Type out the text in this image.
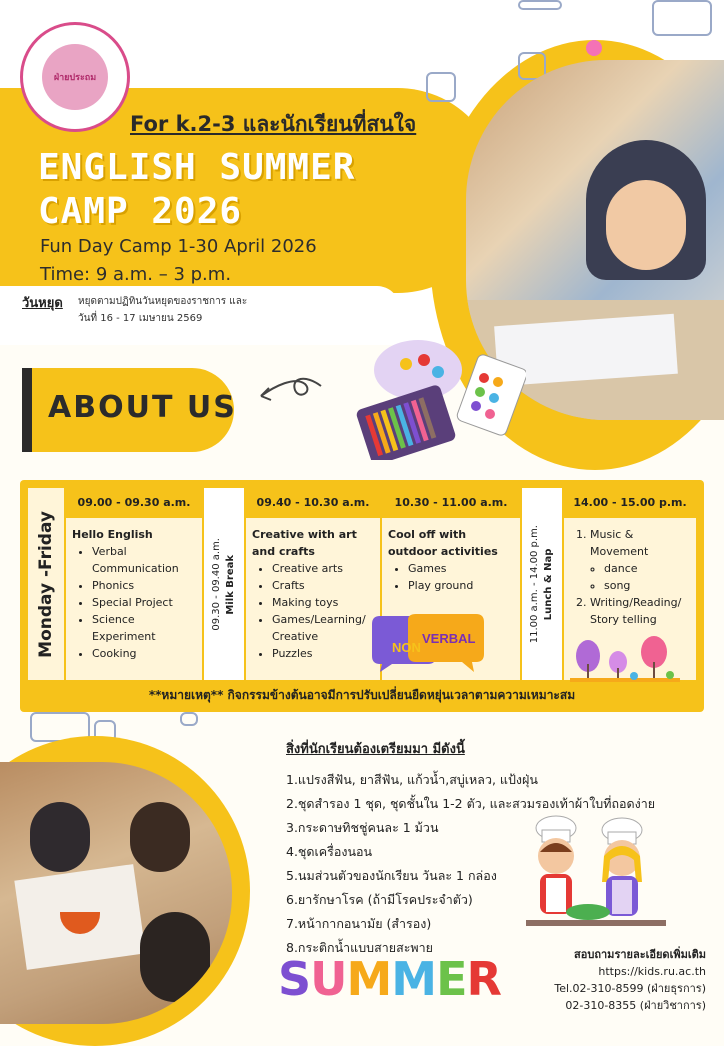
ฝ่ายประถม
For k.2-3 และนักเรียนที่สนใจ
ENGLISH SUMMER
CAMP 2026
Fun Day Camp 1-30 April 2026
Time: 9 a.m. – 3 p.m.
วันหยุด หยุดตามปฏิทินวันหยุดของราชการ และ
วันที่ 16 - 17 เมษายน 2569
ABOUT US
Monday -Friday
09.00 - 09.30 a.m.
Hello English
• Verbal Communication
• Phonics
• Special Project
• Science Experiment
• Cooking
09.30 - 09.40 a.m. Milk Break
09.40 - 10.30 a.m.
Creative with art and crafts
• Creative arts
• Crafts
• Making toys
• Games/Learning/ Creative
• Puzzles
10.30 - 11.00 a.m.
Cool off with outdoor activities
• Games
• Play ground	11.00 a.m. - 14.00 p.m. Lunch & Nap
14.00 - 15.00 p.m.
1. Music & Movement
◦ dance
◦ song
2. Writing/Reading/ Story telling
NON
VERBAL
**หมายเหตุ** กิจกรรมข้างต้นอาจมีการปรับเปลี่ยนยืดหยุ่นเวลาตามความเหมาะสม
สิ่งที่นักเรียนต้องเตรียมมา มีดังนี้
1.แปรงสีฟัน, ยาสีฟัน, แก้วน้ำ,สบู่เหลว, แป้งฝุ่น
2.ชุดสำรอง 1 ชุด, ชุดชั้นใน 1-2 ตัว, และสวมรองเท้าผ้าใบที่ถอดง่าย
3.กระดาษทิชชู่คนละ 1 ม้วน
4.ชุดเครื่องนอน
5.นมส่วนตัวของนักเรียน วันละ 1 กล่อง
6.ยารักษาโรค (ถ้ามีโรคประจำตัว)
7.หน้ากากอนามัย (สำรอง)
8.กระติกน้ำแบบสายสะพาย
SUMMER	สอบถามรายละเอียดเพิ่มเติม
https://kids.ru.ac.th
Tel.02-310-8599 (ฝ่ายธุรการ)
02-310-8355 (ฝ่ายวิชาการ)
